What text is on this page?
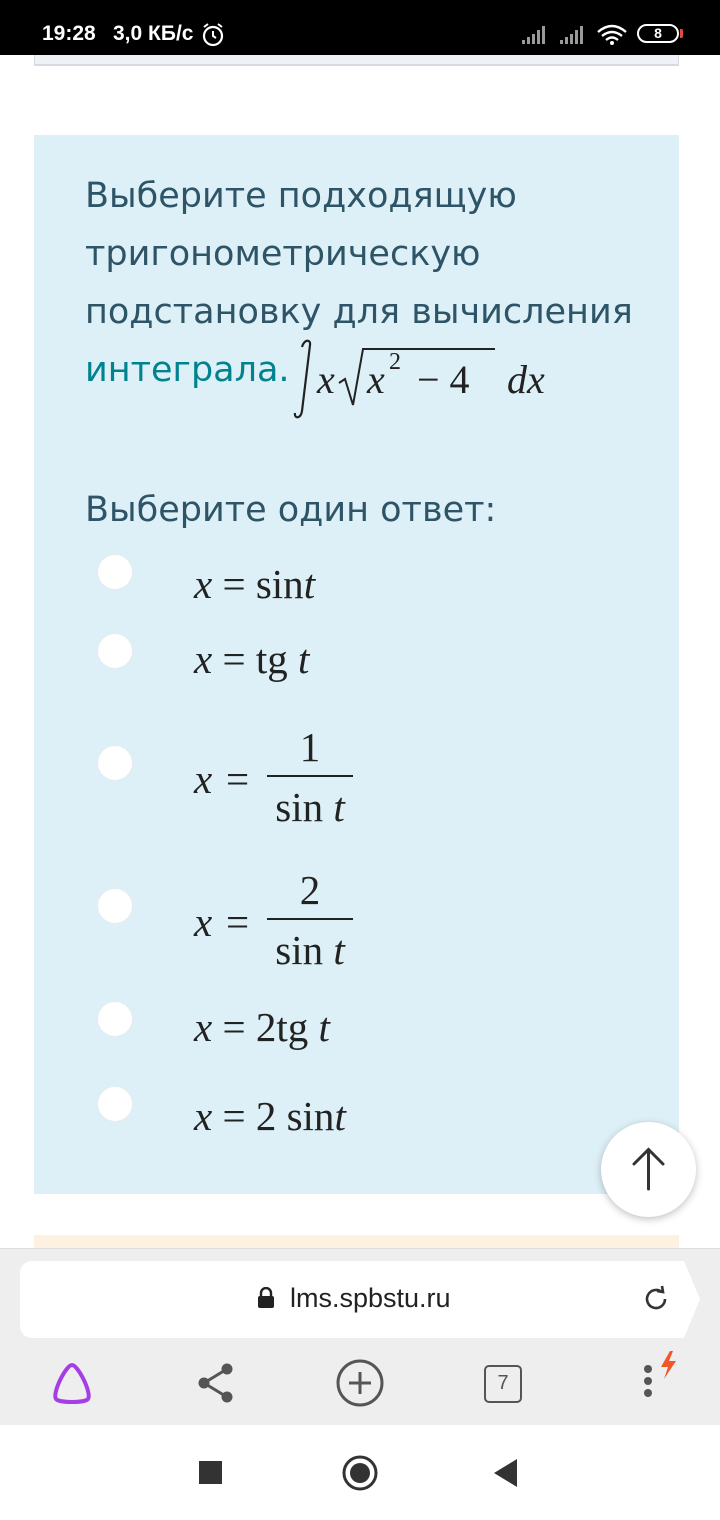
19:28 3,0 КБ/с	8
Выберите подходящую тригонометрическую подстановку для вычисления интеграла. x x 2 − 4 dx
Выберите один ответ:
x = sint
x = tg t
x =
1
sin t
x =
2
sin t
x = 2tg t
x = 2 sint
lms.spbstu.ru
7
